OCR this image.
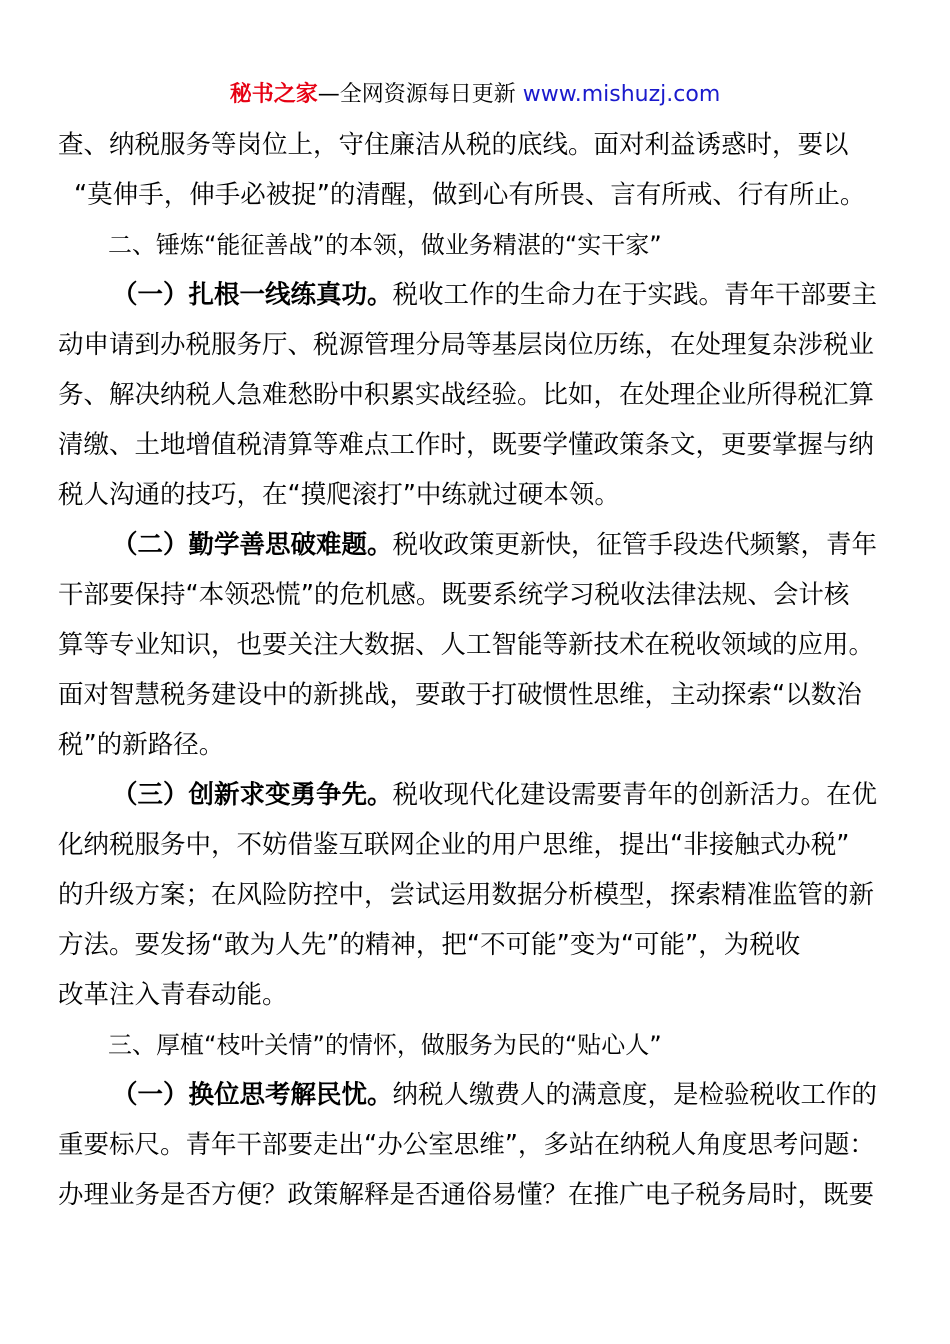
秘书之家—全网资源每日更新 www.mishuzj.com
查、纳税服务等岗位上，守住廉洁从税的底线。面对利益诱惑时，要以
“莫伸手，伸手必被捉”的清醒，做到心有所畏、言有所戒、行有所止。
二、锤炼“能征善战”的本领，做业务精湛的“实干家”
（一）扎根一线练真功。税收工作的生命力在于实践。青年干部要主
动申请到办税服务厅、税源管理分局等基层岗位历练，在处理复杂涉税业
务、解决纳税人急难愁盼中积累实战经验。比如，在处理企业所得税汇算
清缴、土地增值税清算等难点工作时，既要学懂政策条文，更要掌握与纳
税人沟通的技巧，在“摸爬滚打”中练就过硬本领。
（二）勤学善思破难题。税收政策更新快，征管手段迭代频繁，青年
干部要保持“本领恐慌”的危机感。既要系统学习税收法律法规、会计核
算等专业知识，也要关注大数据、人工智能等新技术在税收领域的应用。
面对智慧税务建设中的新挑战，要敢于打破惯性思维，主动探索“以数治
税”的新路径。
（三）创新求变勇争先。税收现代化建设需要青年的创新活力。在优
化纳税服务中，不妨借鉴互联网企业的用户思维，提出“非接触式办税”
的升级方案；在风险防控中，尝试运用数据分析模型，探索精准监管的新
方法。要发扬“敢为人先”的精神，把“不可能”变为“可能”，为税收
改革注入青春动能。
三、厚植“枝叶关情”的情怀，做服务为民的“贴心人”
（一）换位思考解民忧。纳税人缴费人的满意度，是检验税收工作的
重要标尺。青年干部要走出“办公室思维”，多站在纳税人角度思考问题：
办理业务是否方便？政策解释是否通俗易懂？在推广电子税务局时，既要
